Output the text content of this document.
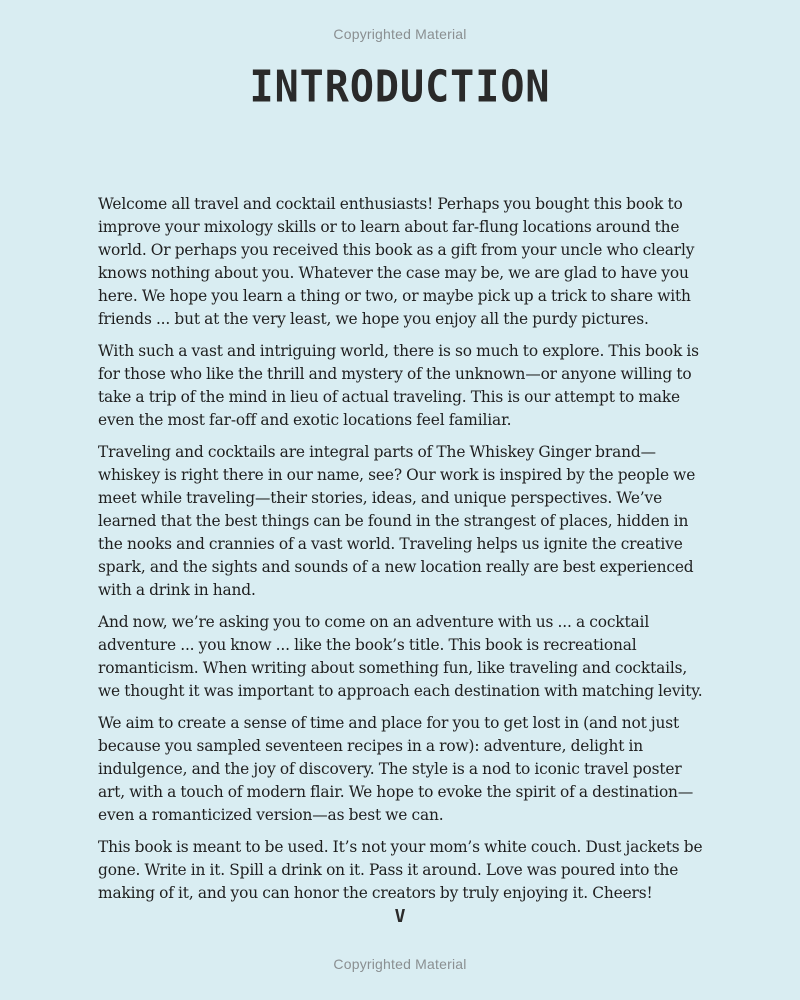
Copyrighted Material
INTRODUCTION

Welcome all travel and cocktail enthusiasts! Perhaps you bought this book to improve your mixology skills or to learn about far-flung locations around the world. Or perhaps you received this book as a gift from your uncle who clearly knows nothing about you. Whatever the case may be, we are glad to have you here. We hope you learn a thing or two, or maybe pick up a trick to share with friends ... but at the very least, we hope you enjoy all the purdy pictures.

With such a vast and intriguing world, there is so much to explore. This book is for those who like the thrill and mystery of the unknown—or anyone willing to take a trip of the mind in lieu of actual traveling. This is our attempt to make even the most far-off and exotic locations feel familiar.

Traveling and cocktails are integral parts of The Whiskey Ginger brand—whiskey is right there in our name, see? Our work is inspired by the people we meet while traveling—their stories, ideas, and unique perspectives. We’ve learned that the best things can be found in the strangest of places, hidden in the nooks and crannies of a vast world. Traveling helps us ignite the creative spark, and the sights and sounds of a new location really are best experienced with a drink in hand.

And now, we’re asking you to come on an adventure with us ... a cocktail adventure ... you know ... like the book’s title. This book is recreational romanticism. When writing about something fun, like traveling and cocktails, we thought it was important to approach each destination with matching levity.

We aim to create a sense of time and place for you to get lost in (and not just because you sampled seventeen recipes in a row): adventure, delight in indulgence, and the joy of discovery. The style is a nod to iconic travel poster art, with a touch of modern flair. We hope to evoke the spirit of a destination—even a romanticized version—as best we can.

This book is meant to be used. It’s not your mom’s white couch. Dust jackets be gone. Write in it. Spill a drink on it. Pass it around. Love was poured into the making of it, and you can honor the creators by truly enjoying it. Cheers!

V
Copyrighted Material
